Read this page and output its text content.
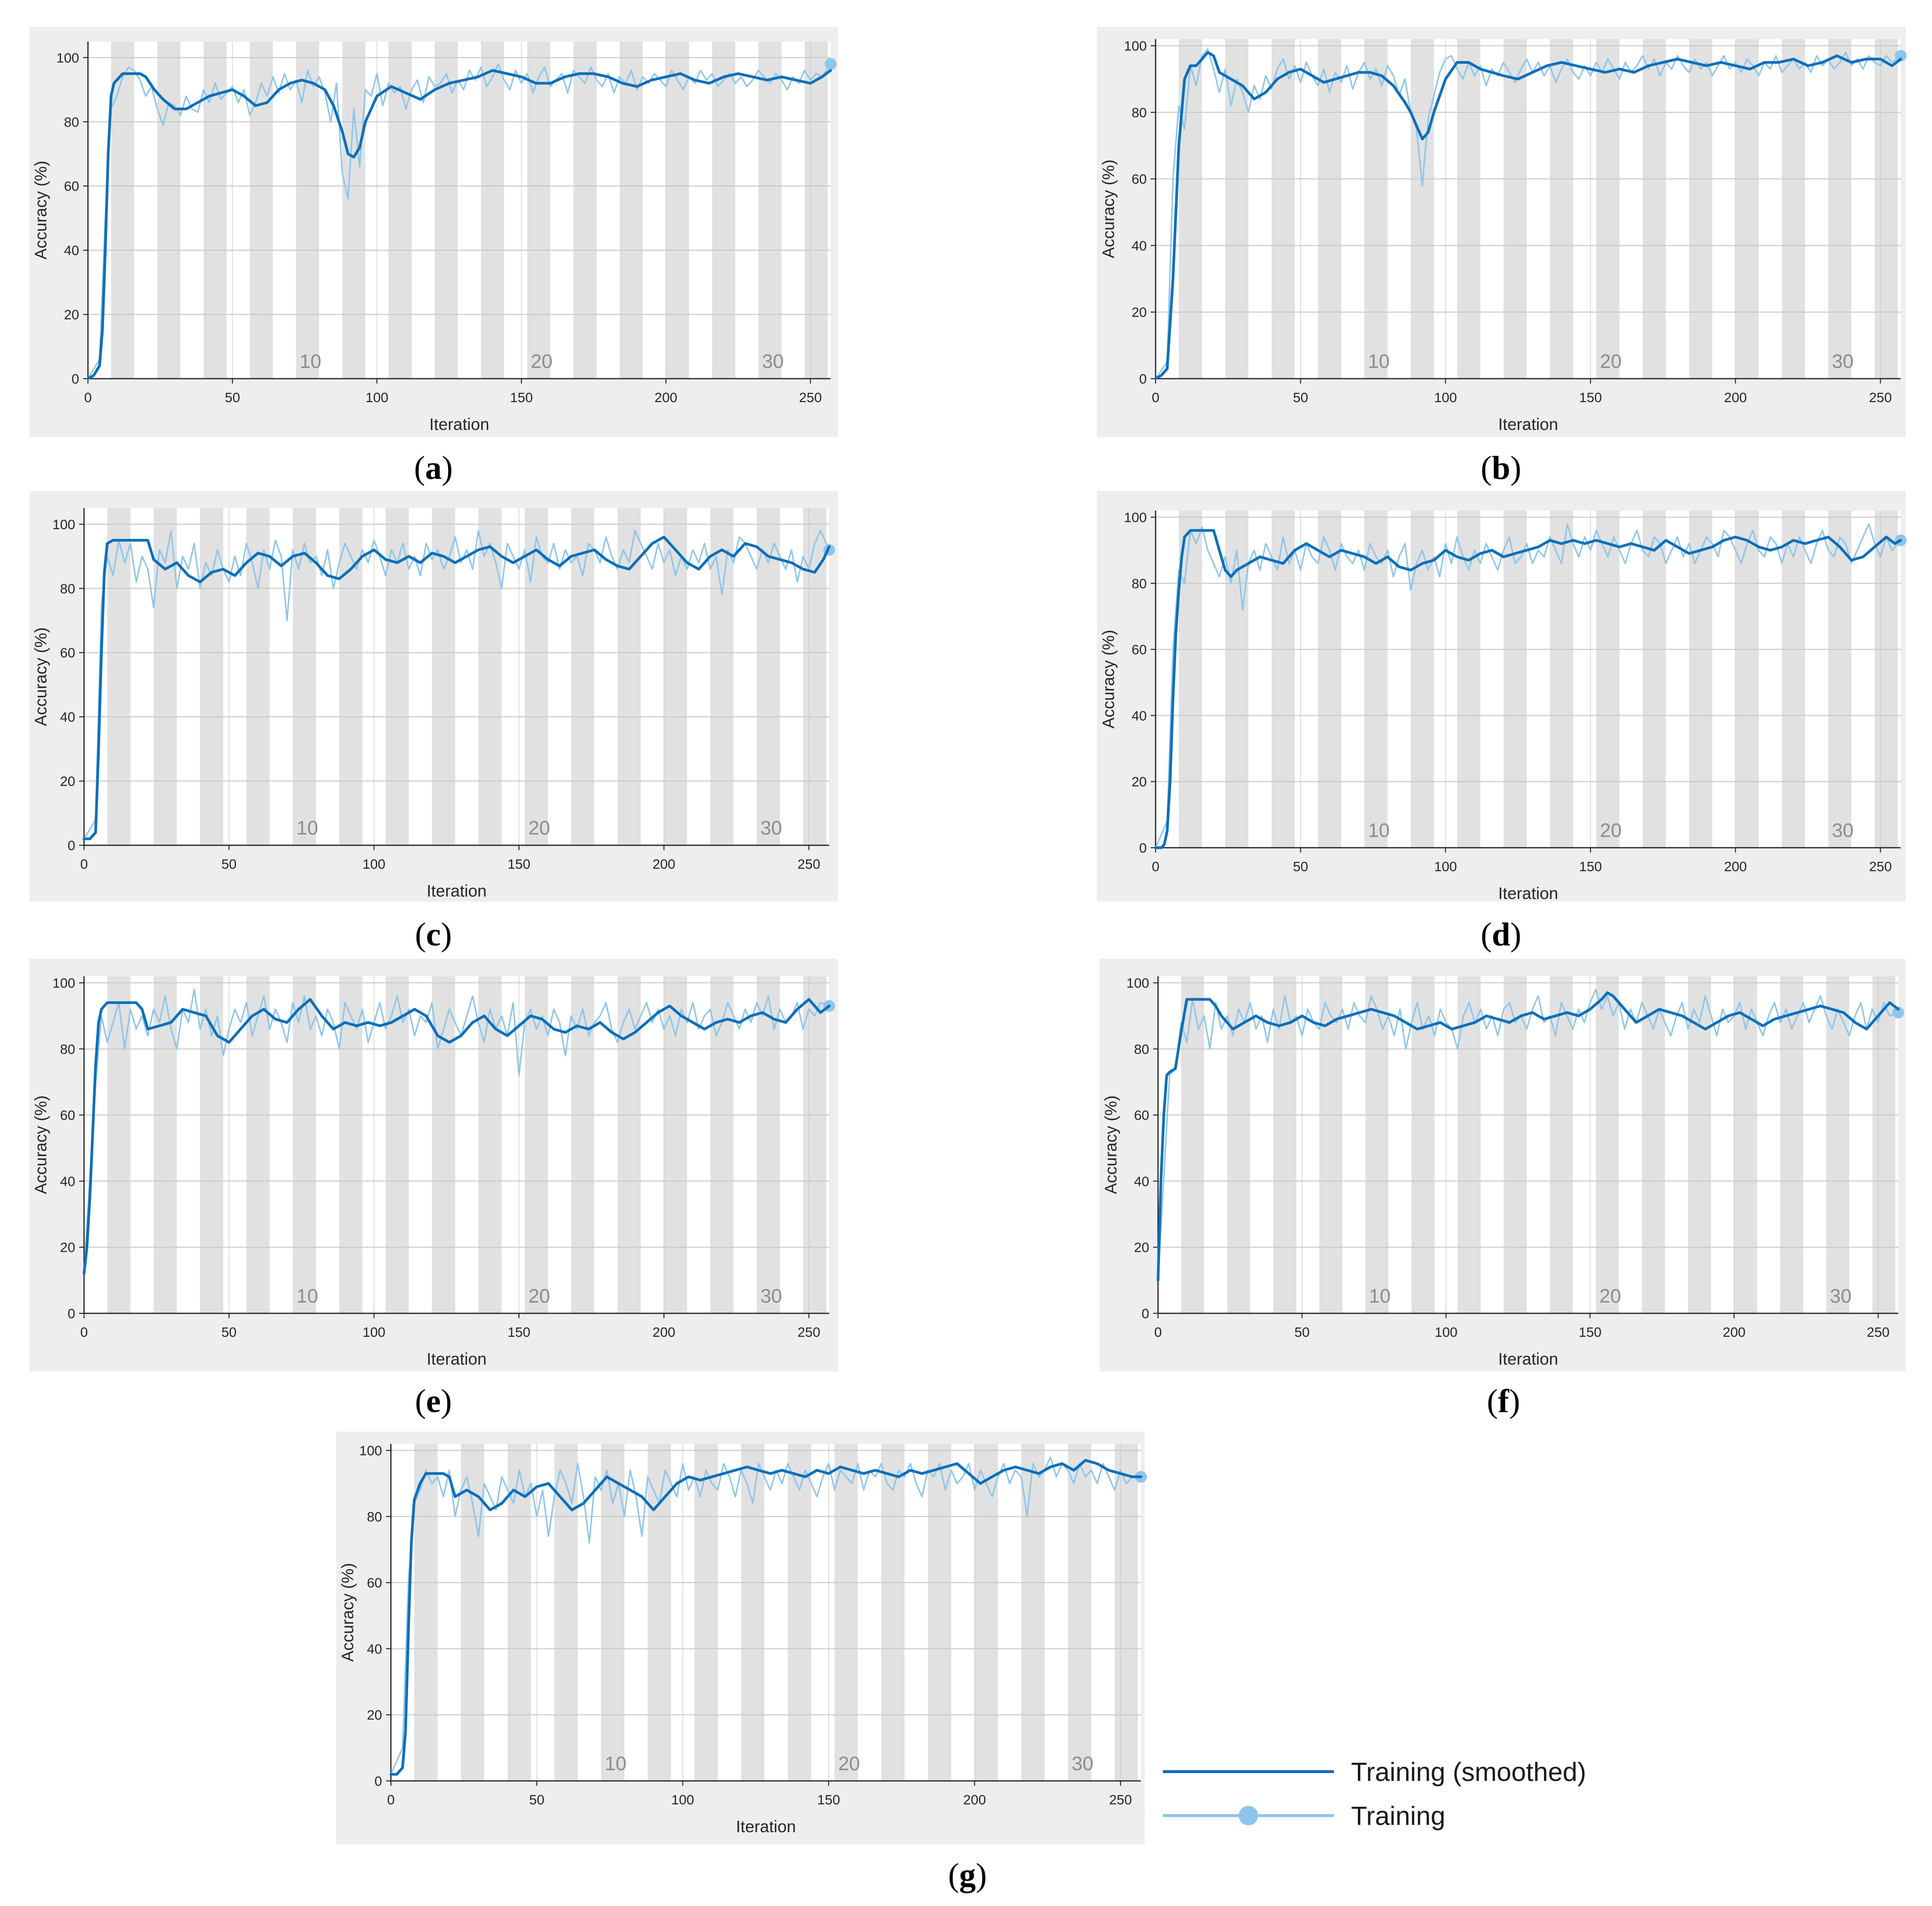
0	50	100	150	200	250
0
20
40
60
80
100
10	20	30
Iteration
Accuracy (%)
(a)
0	50	100	150	200	250
0
20
40
60
80
100
10	20	30
Iteration
Accuracy (%)
(b)
0	50	100	150	200	250
0
20
40
60
80
100
10	20	30
Iteration
Accuracy (%)
(c)
0	50	100	150	200	250
0
20
40
60
80
100
10	20	30
Iteration
Accuracy (%)
(d)
0	50	100	150	200	250
0
20
40
60
80
100
10	20	30
Iteration
Accuracy (%)
(e)
0	50	100	150	200	250
0
20
40
60
80
100
10	20	30
Iteration
Accuracy (%)
(f)
0	50	100	150	200	250
0
20
40
60
80
100
10	20	30
Iteration
Accuracy (%)
(g)
Training (smoothed)
Training
